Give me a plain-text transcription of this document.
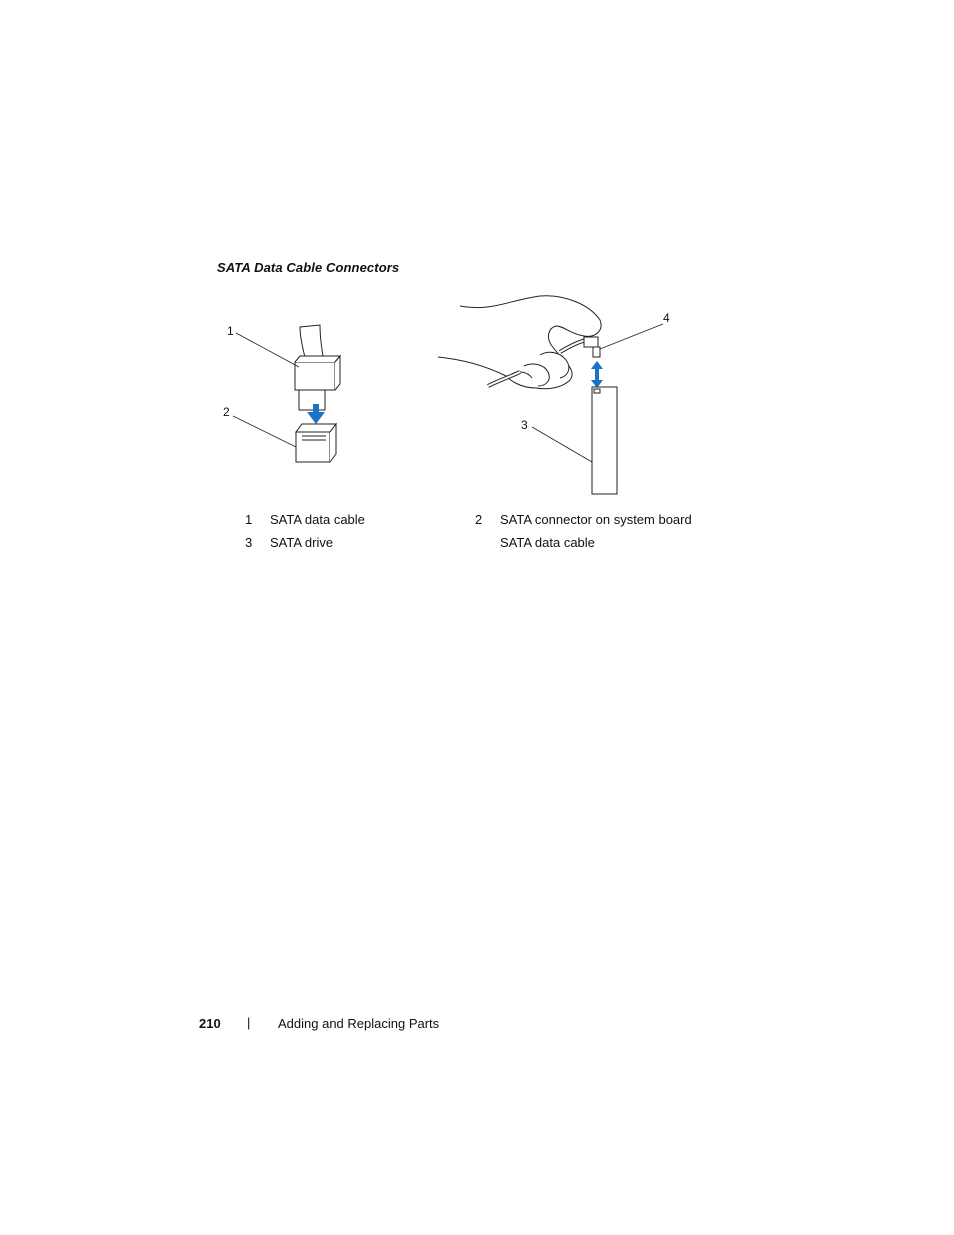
SATA Data Cable Connectors
1
2
3
4
1 SATA data cable	2 SATA connector on system board
3 SATA drive	SATA data cable
210 | Adding and Replacing Parts
